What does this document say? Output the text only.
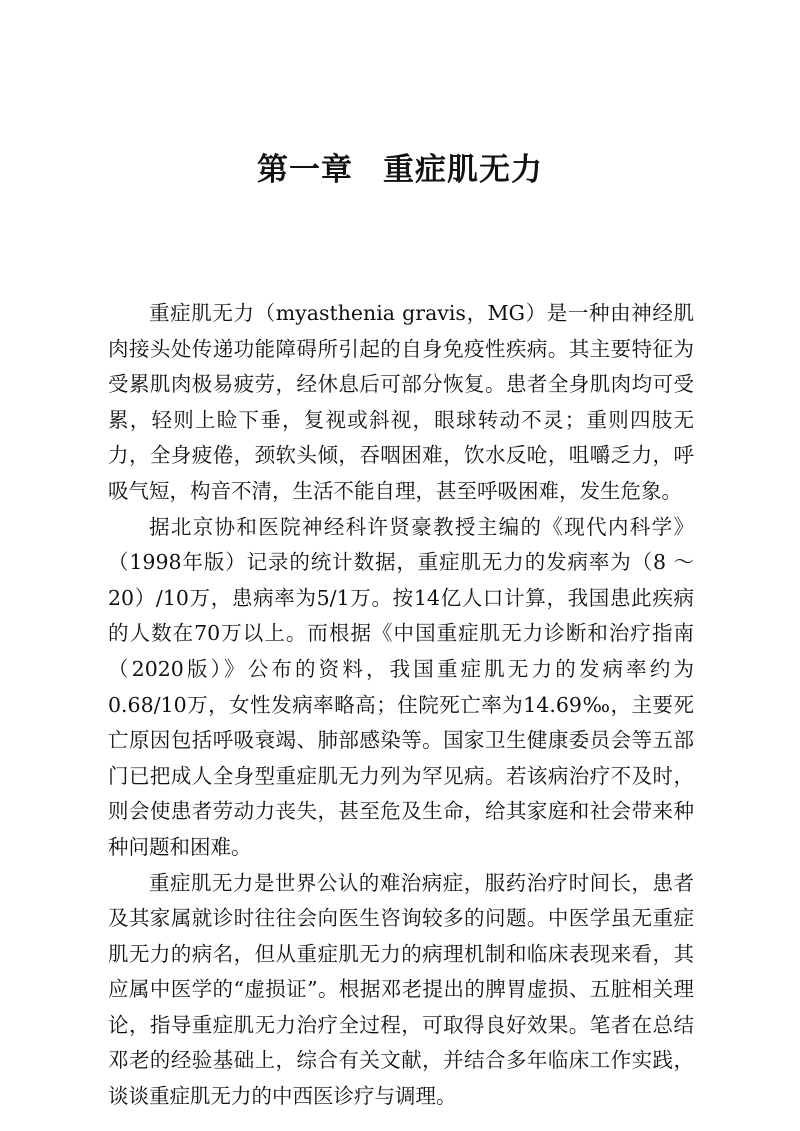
第一章 重症肌无力

重症肌无力（myasthenia gravis，MG）是一种由神经肌肉接头处传递功能障碍所引起的自身免疫性疾病。其主要特征为受累肌肉极易疲劳，经休息后可部分恢复。患者全身肌肉均可受累，轻则上睑下垂，复视或斜视，眼球转动不灵；重则四肢无力，全身疲倦，颈软头倾，吞咽困难，饮水反呛，咀嚼乏力，呼吸气短，构音不清，生活不能自理，甚至呼吸困难，发生危象。

据北京协和医院神经科许贤豪教授主编的《现代内科学》（1998年版）记录的统计数据，重症肌无力的发病率为（8 ～ 20）/10万，患病率为5/1万。按14亿人口计算，我国患此疾病的人数在70万以上。而根据《中国重症肌无力诊断和治疗指南（2020版）》公布的资料，我国重症肌无力的发病率约为0.68/10万，女性发病率略高；住院死亡率为14.69‰，主要死亡原因包括呼吸衰竭、肺部感染等。国家卫生健康委员会等五部门已把成人全身型重症肌无力列为罕见病。若该病治疗不及时，则会使患者劳动力丧失，甚至危及生命，给其家庭和社会带来种种问题和困难。

重症肌无力是世界公认的难治病症，服药治疗时间长，患者及其家属就诊时往往会向医生咨询较多的问题。中医学虽无重症肌无力的病名，但从重症肌无力的病理机制和临床表现来看，其应属中医学的“虚损证”。根据邓老提出的脾胃虚损、五脏相关理论，指导重症肌无力治疗全过程，可取得良好效果。笔者在总结邓老的经验基础上，综合有关文献，并结合多年临床工作实践，谈谈重症肌无力的中西医诊疗与调理。
